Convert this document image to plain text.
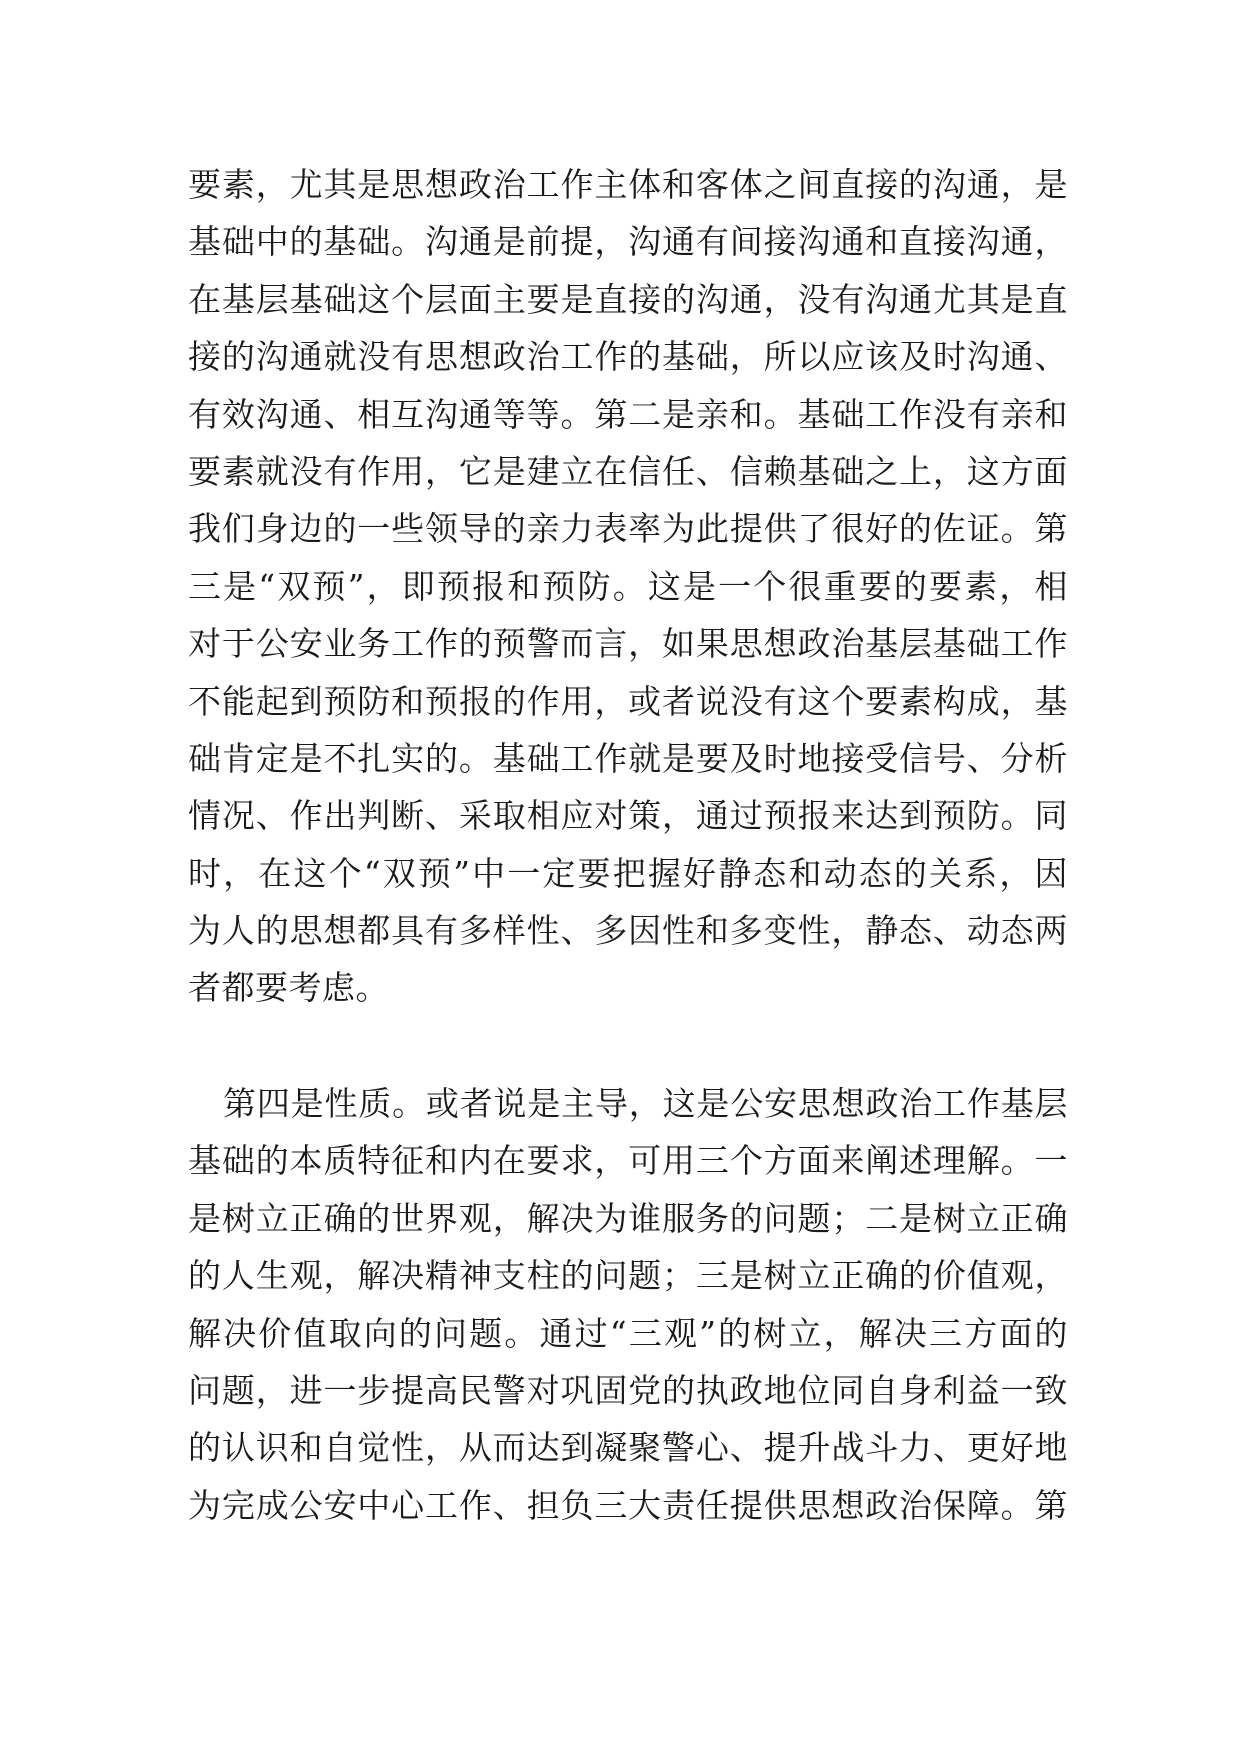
要素，尤其是思想政治工作主体和客体之间直接的沟通，是
基础中的基础。沟通是前提，沟通有间接沟通和直接沟通，
在基层基础这个层面主要是直接的沟通，没有沟通尤其是直
接的沟通就没有思想政治工作的基础，所以应该及时沟通、
有效沟通、相互沟通等等。第二是亲和。基础工作没有亲和
要素就没有作用，它是建立在信任、信赖基础之上，这方面
我们身边的一些领导的亲力表率为此提供了很好的佐证。第
三是“双预”，即预报和预防。这是一个很重要的要素，相
对于公安业务工作的预警而言，如果思想政治基层基础工作
不能起到预防和预报的作用，或者说没有这个要素构成，基
础肯定是不扎实的。基础工作就是要及时地接受信号、分析
情况、作出判断、采取相应对策，通过预报来达到预防。同
时，在这个“双预”中一定要把握好静态和动态的关系，因
为人的思想都具有多样性、多因性和多变性，静态、动态两
者都要考虑。
第四是性质。或者说是主导，这是公安思想政治工作基层
基础的本质特征和内在要求，可用三个方面来阐述理解。一
是树立正确的世界观，解决为谁服务的问题；二是树立正确
的人生观，解决精神支柱的问题；三是树立正确的价值观，
解决价值取向的问题。通过“三观”的树立，解决三方面的
问题，进一步提高民警对巩固党的执政地位同自身利益一致
的认识和自觉性，从而达到凝聚警心、提升战斗力、更好地
为完成公安中心工作、担负三大责任提供思想政治保障。第
